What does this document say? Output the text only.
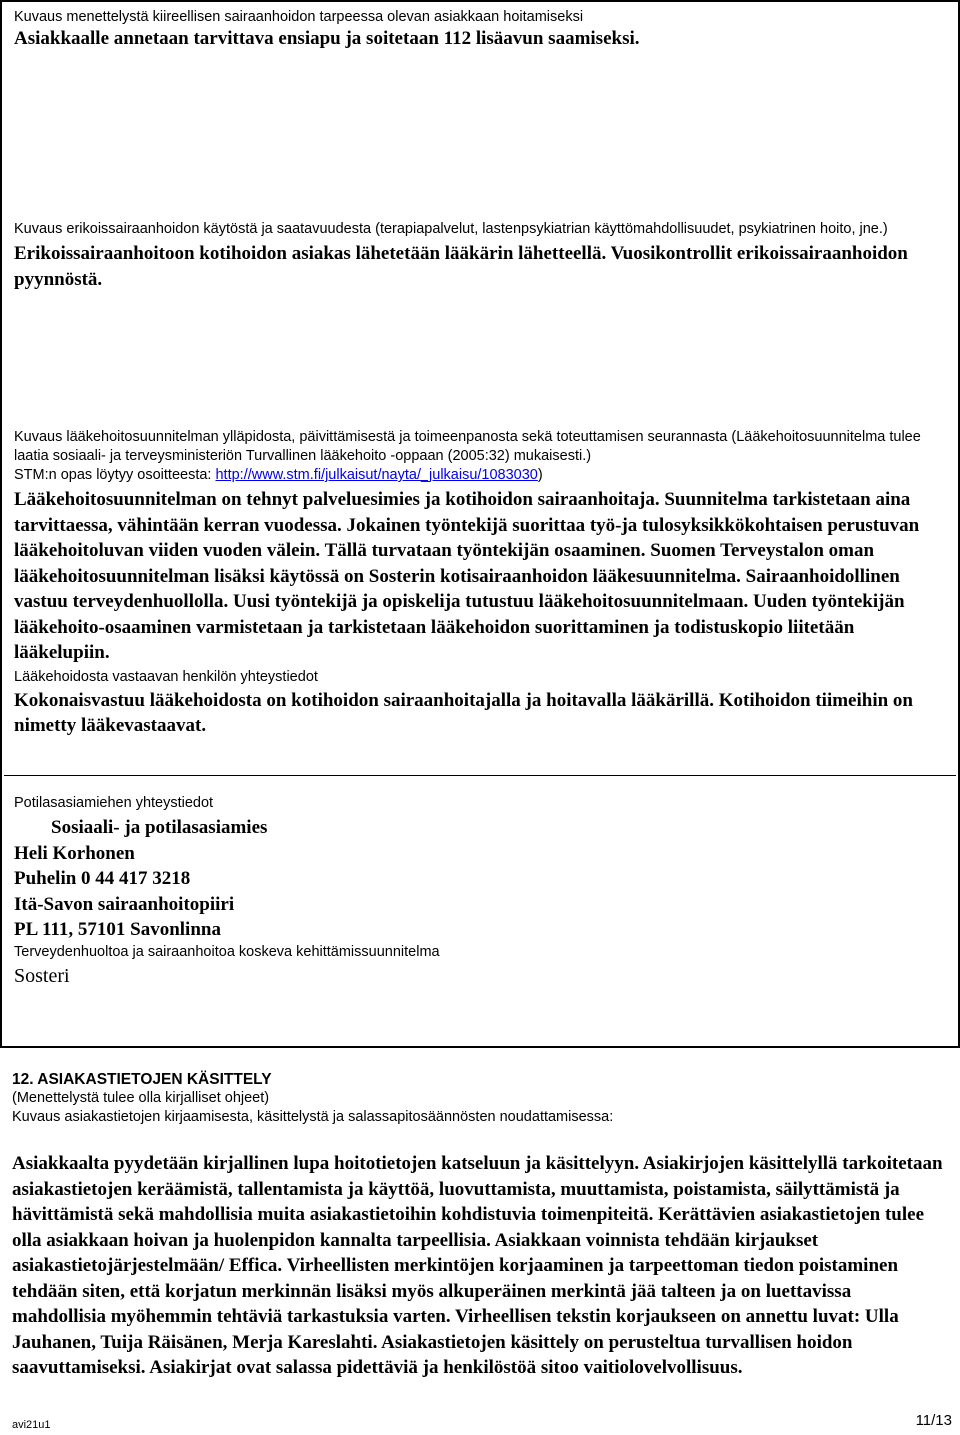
Kuvaus menettelystä kiireellisen sairaanhoidon tarpeessa olevan asiakkaan hoitamiseksi
Asiakkaalle annetaan tarvittava ensiapu ja soitetaan 112 lisäavun saamiseksi.
Kuvaus erikoissairaanhoidon käytöstä ja saatavuudesta (terapiapalvelut, lastenpsykiatrian käyttömahdollisuudet, psykiatrinen hoito, jne.)
Erikoissairaanhoitoon kotihoidon asiakas lähetetään lääkärin lähetteellä. Vuosikontrollit erikoissairaanhoidon pyynnöstä.
Kuvaus lääkehoitosuunnitelman ylläpidosta, päivittämisestä ja toimeenpanosta sekä toteuttamisen seurannasta (Lääkehoitosuunnitelma tulee laatia sosiaali- ja terveysministeriön Turvallinen lääkehoito -oppaan (2005:32) mukaisesti.)
STM:n opas löytyy osoitteesta: http://www.stm.fi/julkaisut/nayta/_julkaisu/1083030)
Lääkehoitosuunnitelman on tehnyt palveluesimies ja kotihoidon sairaanhoitaja. Suunnitelma tarkistetaan aina tarvittaessa, vähintään kerran vuodessa. Jokainen työntekijä suorittaa työ-ja tulosyksikkökohtaisen perustuvan lääkehoitoluvan viiden vuoden välein. Tällä turvataan työntekijän osaaminen. Suomen Terveystalon oman lääkehoitosuunnitelman lisäksi käytössä on Sosterin kotisairaanhoidon lääkesuunnitelma. Sairaanhoidollinen vastuu terveydenhuollolla. Uusi työntekijä ja opiskelija tutustuu lääkehoitosuunnitelmaan. Uuden työntekijän lääkehoito-osaaminen varmistetaan ja tarkistetaan lääkehoidon suorittaminen ja todistuskopio liitetään lääkelupiin.
Lääkehoidosta vastaavan henkilön yhteystiedot
Kokonaisvastuu lääkehoidosta on kotihoidon sairaanhoitajalla ja hoitavalla lääkärillä. Kotihoidon tiimeihin on nimetty lääkevastaavat.
Potilasasiamiehen yhteystiedot
Sosiaali- ja potilasasiamies
Heli Korhonen
Puhelin 0 44 417 3218
Itä-Savon sairaanhoitopiiri
PL 111, 57101 Savonlinna
Terveydenhuoltoa ja sairaanhoitoa koskeva kehittämissuunnitelma
Sosteri
12. ASIAKASTIETOJEN KÄSITTELY
(Menettelystä tulee olla kirjalliset ohjeet)
Kuvaus asiakastietojen kirjaamisesta, käsittelystä ja salassapitosäännösten noudattamisessa:
Asiakkaalta pyydetään kirjallinen lupa hoitotietojen katseluun ja käsittelyyn. Asiakirjojen käsittelyllä tarkoitetaan asiakastietojen keräämistä, tallentamista ja käyttöä, luovuttamista, muuttamista, poistamista, säilyttämistä ja hävittämistä sekä mahdollisia muita asiakastietoihin kohdistuvia toimenpiteitä. Kerättävien asiakastietojen tulee olla asiakkaan hoivan ja huolenpidon kannalta tarpeellisia. Asiakkaan voinnista tehdään kirjaukset asiakastietojärjestelmään/ Effica. Virheellisten merkintöjen korjaaminen ja tarpeettoman tiedon poistaminen tehdään siten, että korjatun merkinnän lisäksi myös alkuperäinen merkintä jää talteen ja on luettavissa mahdollisia myöhemmin tehtäviä tarkastuksia varten. Virheellisen tekstin korjaukseen on annettu luvat: Ulla Jauhanen, Tuija Räisänen, Merja Kareslahti. Asiakastietojen käsittely on perusteltua turvallisen hoidon saavuttamiseksi. Asiakirjat ovat salassa pidettäviä ja henkilöstöä sitoo vaitiolovelvollisuus.
avi21u1	11/13
